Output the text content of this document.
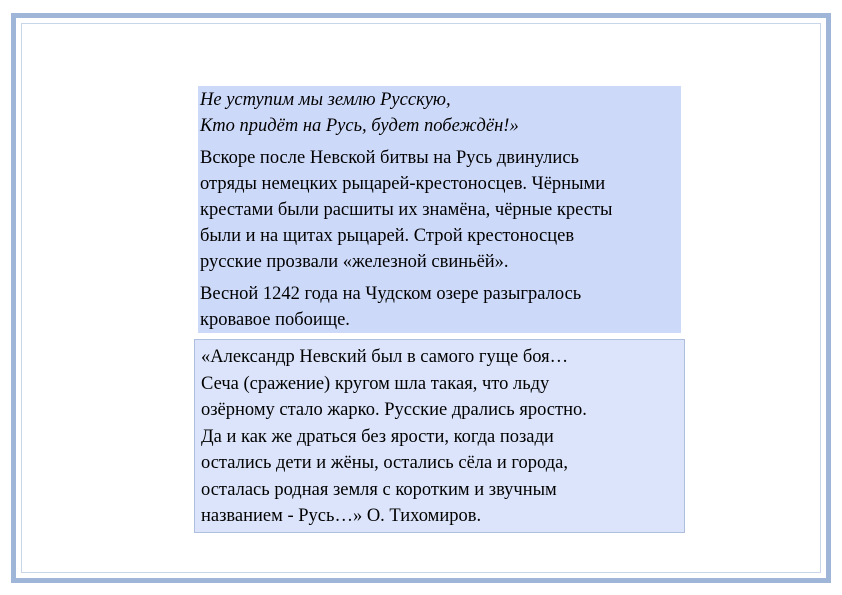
Не уступим мы землю Русскую,

Кто придёт на Русь, будет побеждён!»

Вскоре после Невской битвы на Русь двинулись

отряды немецких рыцарей-крестоносцев. Чёрными

крестами были расшиты их знамёна, чёрные кресты

были и на щитах рыцарей. Строй крестоносцев

русские прозвали «железной свиньёй».

Весной 1242 года на Чудском озере разыгралось

кровавое побоище.

«Александр Невский был в самого гуще боя…

Сеча (сражение) кругом шла такая, что льду

озёрному стало жарко. Русские дрались яростно.

Да и как же драться без ярости, когда позади

остались дети и жёны, остались сёла и города,

осталась родная земля с коротким и звучным

названием - Русь…» О. Тихомиров.
